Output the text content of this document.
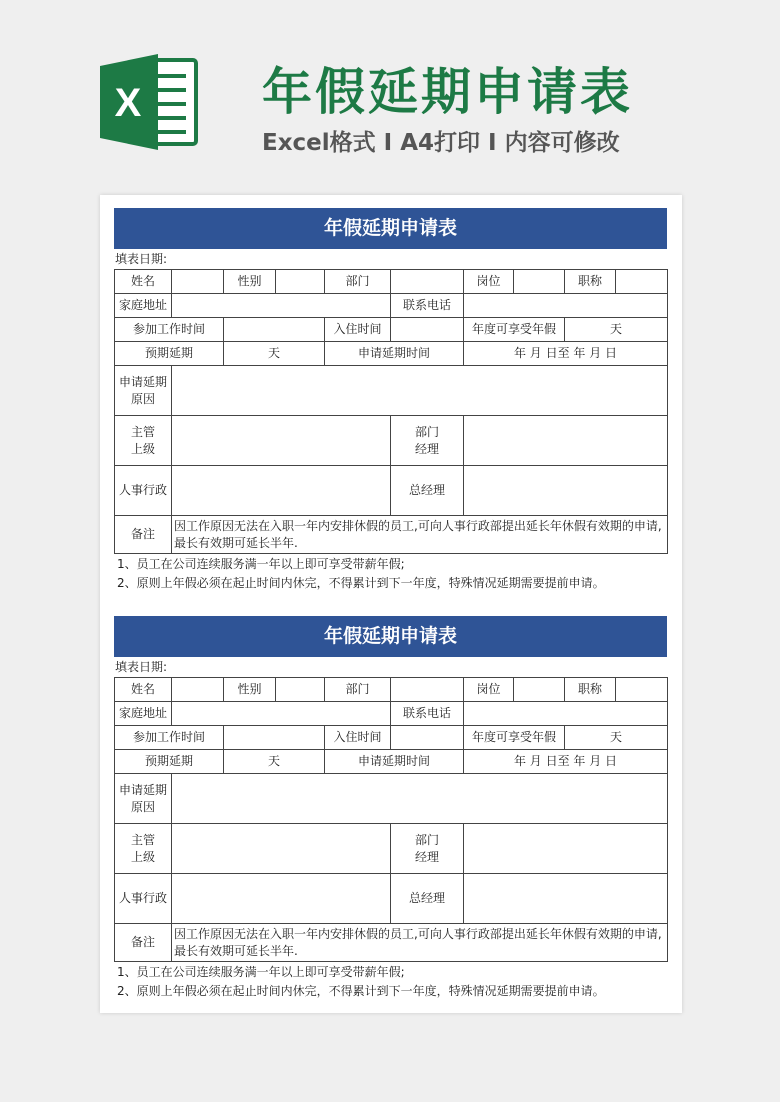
X 年假延期申请表
Excel格式 I A4打印 I 内容可修改
年假延期申请表
填表日期:
姓名		性别		部门		岗位		职称	
家庭地址					联系电话				
参加工作时间				入住时间		年度可享受年假		天	
预期延期		天		申请延期时间		年 月 日至 年 月 日			
申请延期
原因									
主管
上级					部门
经理				
人事行政					总经理				
备注	因工作原因无法在入职一年内安排休假的员工,可向人事行政部提出延长年休假有效期的申请,最长有效期可延长半年.								
1、员工在公司连续服务满一年以上即可享受带薪年假;
2、原则上年假必须在起止时间内休完，不得累计到下一年度，特殊情况延期需要提前申请。
年假延期申请表
填表日期:
姓名		性别		部门		岗位		职称	
家庭地址					联系电话				
参加工作时间				入住时间		年度可享受年假		天	
预期延期		天		申请延期时间		年 月 日至 年 月 日			
申请延期
原因									
主管
上级					部门
经理				
人事行政					总经理				
备注	因工作原因无法在入职一年内安排休假的员工,可向人事行政部提出延长年休假有效期的申请,最长有效期可延长半年.								
1、员工在公司连续服务满一年以上即可享受带薪年假;
2、原则上年假必须在起止时间内休完，不得累计到下一年度，特殊情况延期需要提前申请。
